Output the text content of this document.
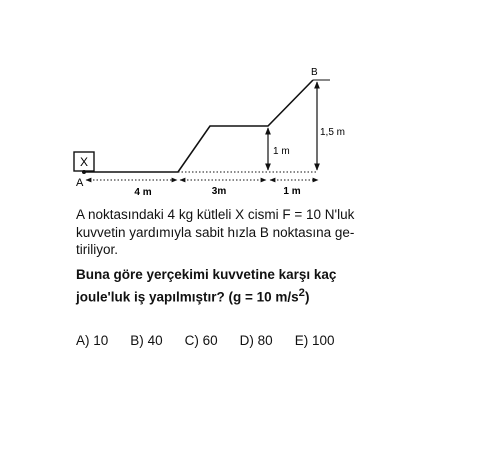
X
A
B
4 m	3m	1 m
1 m
1,5 m

A noktasındaki 4 kg kütleli X cismi F = 10 N'luk
kuvvetin yardımıyla sabit hızla B noktasına ge-
tiriliyor.

Buna göre yerçekimi kuvvetine karşı kaç
joule'luk iş yapılmıştır? (g = 10 $m/s^2$)

A) 10 B) 40 C) 60 D) 80 E) 100
